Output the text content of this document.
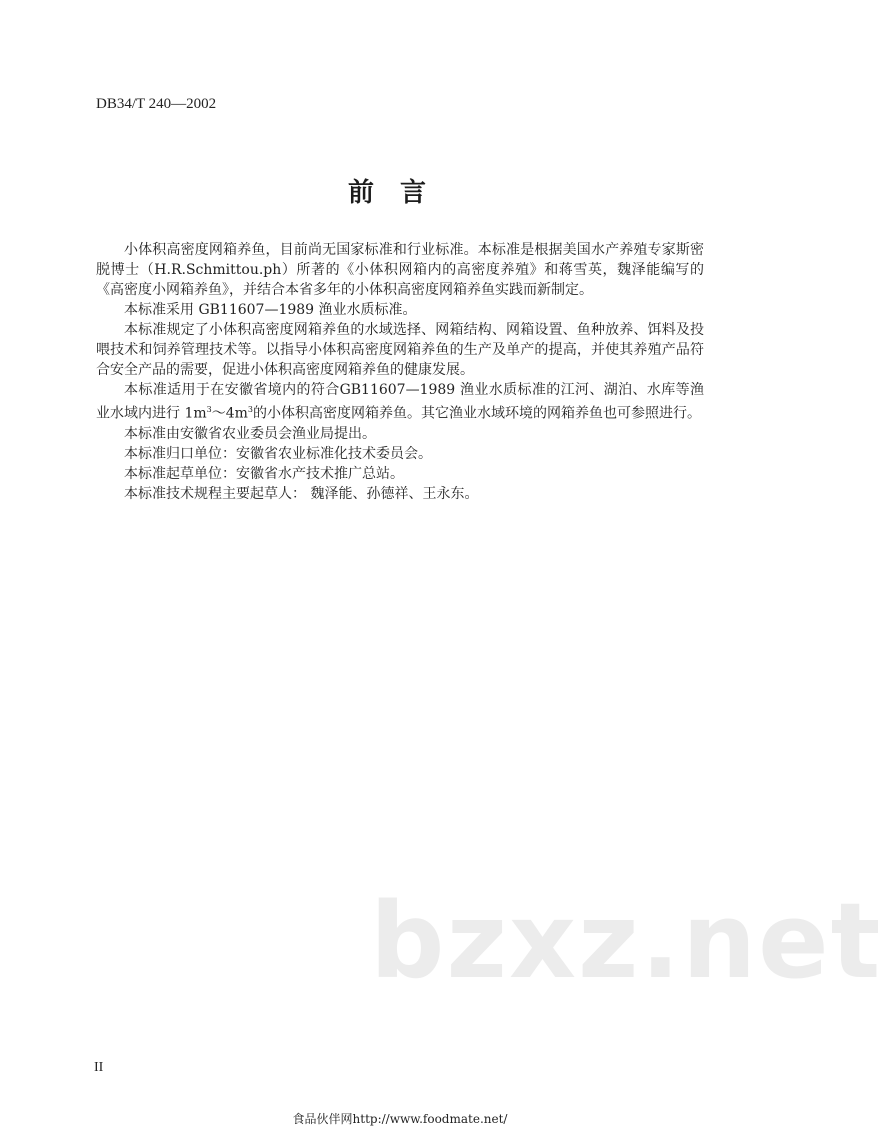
DB34/T 240—2002
前言

小体积高密度网箱养鱼，目前尚无国家标准和行业标准。本标准是根据美国水产养殖专家斯密脱博士（H.R.Schmittou.ph）所著的《小体积网箱内的高密度养殖》和蒋雪英，魏泽能编写的《高密度小网箱养鱼》，并结合本省多年的小体积高密度网箱养鱼实践而新制定。

本标准采用 GB11607—1989 渔业水质标准。

本标准规定了小体积高密度网箱养鱼的水域选择、网箱结构、网箱设置、鱼种放养、饵料及投喂技术和饲养管理技术等。以指导小体积高密度网箱养鱼的生产及单产的提高，并使其养殖产品符合安全产品的需要，促进小体积高密度网箱养鱼的健康发展。

本标准适用于在安徽省境内的符合GB11607—1989 渔业水质标准的江河、湖泊、水库等渔业水域内进行 $1m^3\sim 4m^3$的小体积高密度网箱养鱼。其它渔业水域环境的网箱养鱼也可参照进行。

本标准由安徽省农业委员会渔业局提出。

本标准归口单位：安徽省农业标准化技术委员会。

本标准起草单位：安徽省水产技术推广总站。

本标准技术规程主要起草人： 魏泽能、孙德祥、王永东。

bzxz.net
II
食品伙伴网http://www.foodmate.net/
